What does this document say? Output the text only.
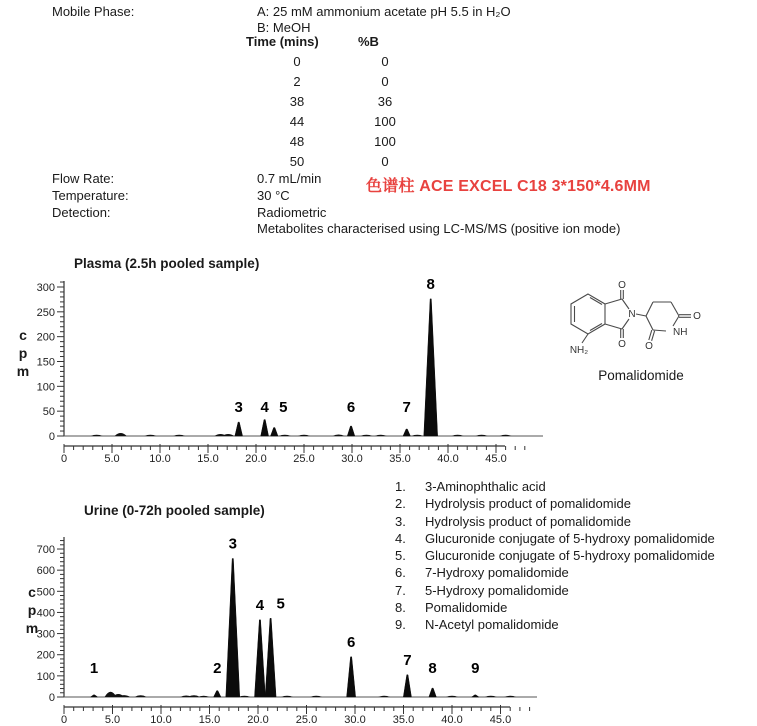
Mobile Phase:	A: 25 mM ammonium acetate pH 5.5 in H₂O
B: MeOH
Time (mins)	%B
0	0
2	0
38	36
44	100
48	100
50	0
Flow Rate:	0.7 mL/min
Temperature:	30 °C
Detection:	Radiometric
Metabolites characterised using LC-MS/MS (positive ion mode)
色谱柱 ACE EXCEL C18 3*150*4.6MM
Plasma (2.5h pooled sample)
c
p
m
0
50
100
150
200
250
300
0	5.0	10.0 15.0 20.0 25.0 30.0 35.0 40.0 45.0
3 4 5	6	7
8
Urine (0-72h pooled sample)
c
p
m
0
100
200
300
400
500
600
700
0	5.0	10.0 15.0 20.0 25.0 30.0 35.0 40.0 45.0
1	2
3
4 5
6
7 8 9
O
O
N	O
NH
O
NH₂
Pomalidomide
1.	3-Aminophthalic acid
2.	Hydrolysis product of pomalidomide
3.	Hydrolysis product of pomalidomide
4.	Glucuronide conjugate of 5-hydroxy pomalidomide
5.	Glucuronide conjugate of 5-hydroxy pomalidomide
6.	7-Hydroxy pomalidomide
7.	5-Hydroxy pomalidomide
8.	Pomalidomide
9.	N-Acetyl pomalidomide
